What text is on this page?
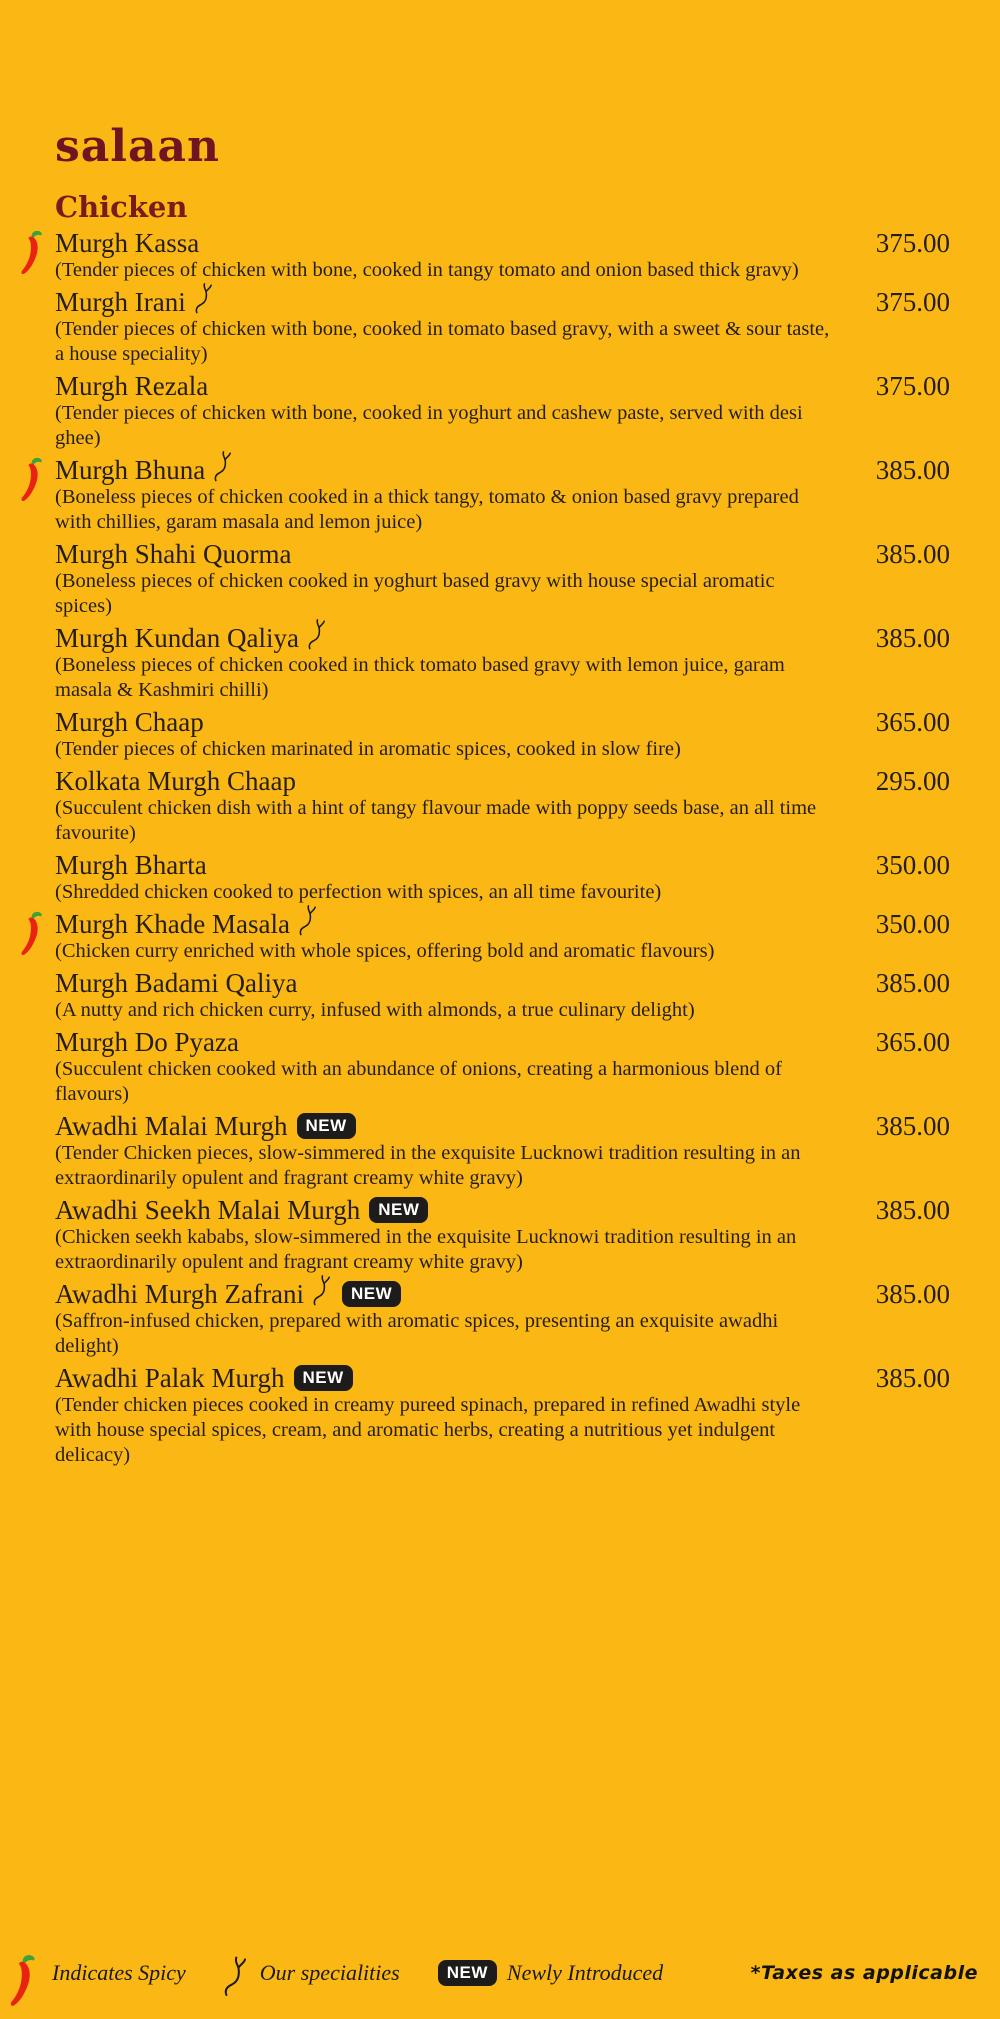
salaan
Chicken
Murgh Kassa	375.00
(Tender pieces of chicken with bone, cooked in tangy tomato and onion based thick gravy)
Murgh Irani	375.00
(Tender pieces of chicken with bone, cooked in tomato based gravy, with a sweet & sour taste, a house speciality)
Murgh Rezala	375.00
(Tender pieces of chicken with bone, cooked in yoghurt and cashew paste, served with desi ghee)
Murgh Bhuna	385.00
(Boneless pieces of chicken cooked in a thick tangy, tomato & onion based gravy prepared with chillies, garam masala and lemon juice)
Murgh Shahi Quorma	385.00
(Boneless pieces of chicken cooked in yoghurt based gravy with house special aromatic spices)
Murgh Kundan Qaliya	385.00
(Boneless pieces of chicken cooked in thick tomato based gravy with lemon juice, garam masala & Kashmiri chilli)
Murgh Chaap	365.00
(Tender pieces of chicken marinated in aromatic spices, cooked in slow fire)
Kolkata Murgh Chaap	295.00
(Succulent chicken dish with a hint of tangy flavour made with poppy seeds base, an all time favourite)
Murgh Bharta	350.00
(Shredded chicken cooked to perfection with spices, an all time favourite)
Murgh Khade Masala	350.00
(Chicken curry enriched with whole spices, offering bold and aromatic flavours)
Murgh Badami Qaliya	385.00
(A nutty and rich chicken curry, infused with almonds, a true culinary delight)
Murgh Do Pyaza	365.00
(Succulent chicken cooked with an abundance of onions, creating a harmonious blend of flavours)
Awadhi Malai Murgh	NEW	385.00
(Tender Chicken pieces, slow-simmered in the exquisite Lucknowi tradition resulting in an extraordinarily opulent and fragrant creamy white gravy)
Awadhi Seekh Malai Murgh	NEW	385.00
(Chicken seekh kababs, slow-simmered in the exquisite Lucknowi tradition resulting in an extraordinarily opulent and fragrant creamy white gravy)
Awadhi Murgh Zafrani	NEW	385.00
(Saffron-infused chicken, prepared with aromatic spices, presenting an exquisite awadhi delight)
Awadhi Palak Murgh	NEW	385.00
(Tender chicken pieces cooked in creamy pureed spinach, prepared in refined Awadhi style with house special spices, cream, and aromatic herbs, creating a nutritious yet indulgent delicacy)
Indicates Spicy	Our specialities	NEW Newly Introduced	*Taxes as applicable
